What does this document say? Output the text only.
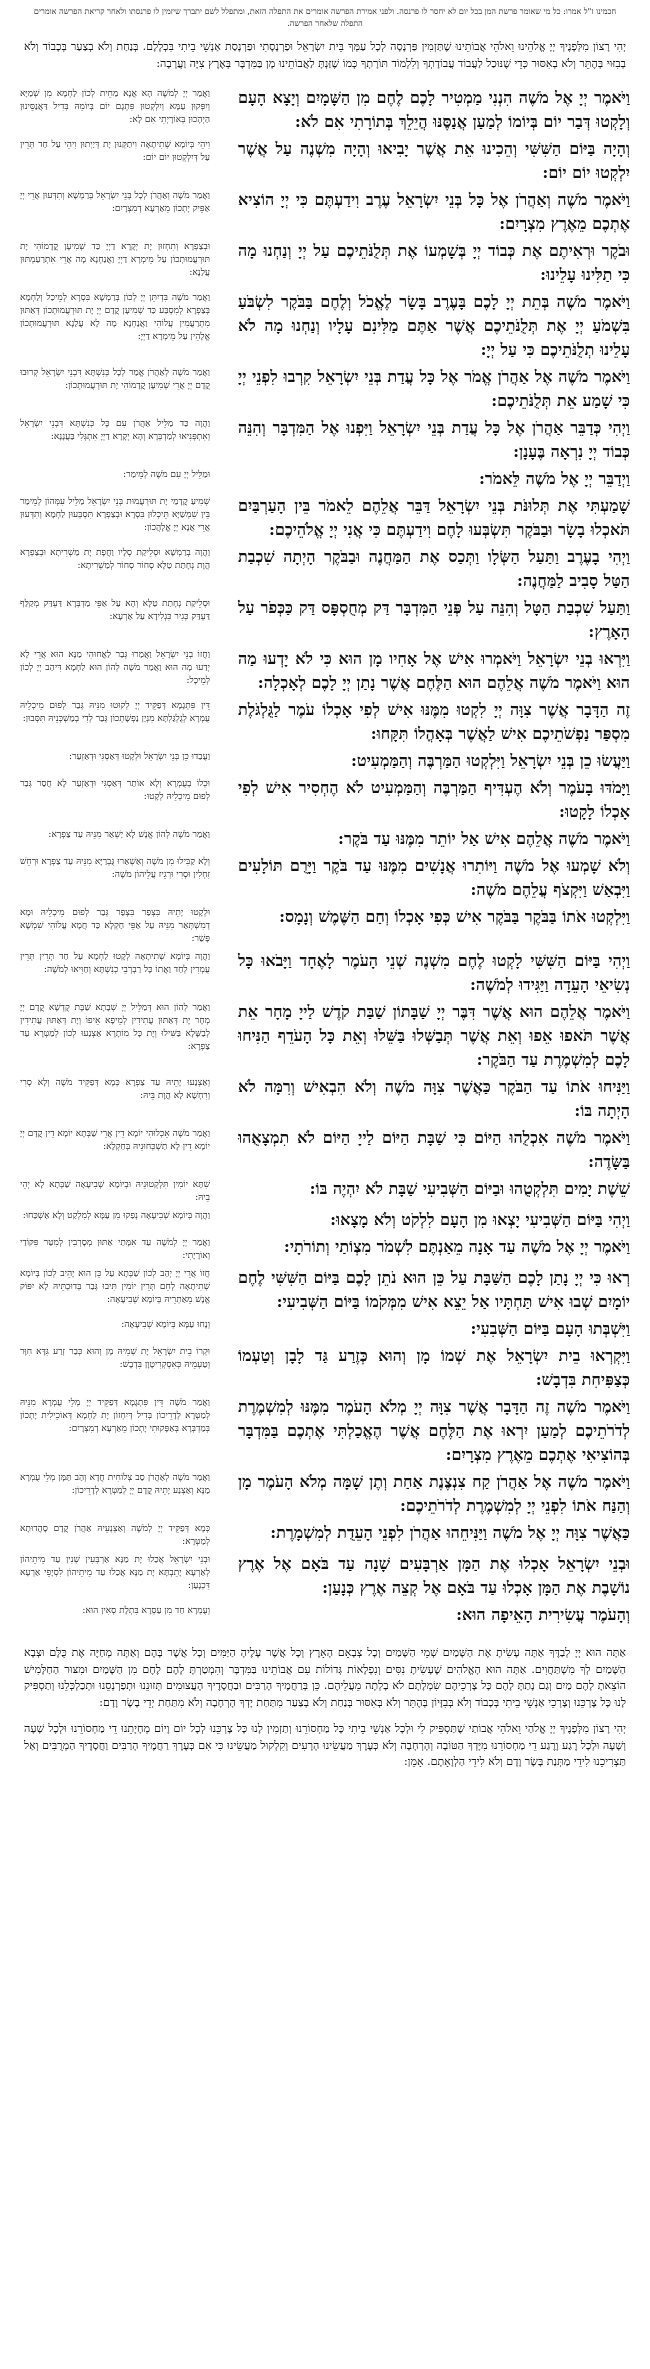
חכמינו ז"ל אמרו: כל מי שאומר פרשת המן בכל יום לא יחסר לו פרנסה. ולפני אמירת הפרשה אומרים את התפלה הזאת, ומתפלל לשם יתברך שיזמין לו פרנסתו ולאחר קריאת הפרשה אומרים התפלה שלאחר הפרשה.
יְהִי רָצוֹן מִלְּפָנֶיךָ יְיָ אֱלֹהֵינוּ וֵאלֹהֵי אֲבוֹתֵינוּ שֶׁתַּזְמִין פַּרְנָסָה לְכָל עַמְּךָ בֵּית יִשְׂרָאֵל וּפַרְנָסָתִי וּפַרְנָסַת אַנְשֵׁי בֵיתִי בִּכְלָלָם. בְּנַחַת וְלֹא בְצַעַר בְּכָבוֹד וְלֹא בְבִזּוּי בְּהֶתֵּר וְלֹא בְאִסּוּר כְּדֵי שֶׁנּוּכַל לַעֲבוֹד עֲבוֹדָתְךָ וְלִלְמוֹד תּוֹרָתְךָ כְּמוֹ שֶׁזַּנְתָּ לַאֲבוֹתֵינוּ מָן בַּמִּדְבָּר בְּאֶרֶץ צִיָּה וַעֲרָבָה:
וַיֹּאמֶר יְיָ אֶל מֹשֶׁה הִנְנִי מַמְטִיר לָכֶם לֶחֶם מִן הַשָּׁמָיִם וְיָצָא הָעָם וְלָקְטוּ דְּבַר יוֹם בְּיוֹמוֹ לְמַעַן אֲנַסֶּנּוּ הֲיֵלֵךְ בְּתוֹרָתִי אִם לֹא:
וַאֲמַר יְיָ לְמֹשֶׁה הָא אֲנָא מַחֵית לְכוֹן לַחְמָא מִן שְׁמַיָּא וְיִפְּקוּן עַמָּא וְיִלְקְטוּן פִּתְגָם יוֹם בְּיוֹמֵהּ בְּדִיל דַּאֲנַסֵּינוּן הַיְהָכוּן בְּאוֹרָיְתִי אִם לָא:
וְהָיָה בַּיּוֹם הַשִּׁשִּׁי וְהֵכִינוּ אֵת אֲשֶׁר יָבִיאוּ וְהָיָה מִשְׁנֶה עַל אֲשֶׁר יִלְקְטוּ יוֹם יוֹם:
וִיהֵי בְּיוֹמָא שְׁתִיתָאָה וִיתַקְּנוּן יָת דְּיַיְתוּן וִיהֵי עַל חַד תְּרֵין עַל דְּיִלְקְטוּן יוֹם יוֹם:
וַיֹּאמֶר מֹשֶׁה וְאַהֲרֹן אֶל כָּל בְּנֵי יִשְׂרָאֵל עֶרֶב וִידַעְתֶּם כִּי יְיָ הוֹצִיא אֶתְכֶם מֵאֶרֶץ מִצְרָיִם:
וַאֲמַר מֹשֶׁה וְאַהֲרֹן לְכָל בְּנֵי יִשְׂרָאֵל בְּרַמְשָׁא וְתִדְּעוּן אֲרֵי יְיָ אַפֵּיק יָתְכוֹן מֵאַרְעָא דְמִצְרָיִם:
וּבֹקֶר וּרְאִיתֶם אֶת כְּבוֹד יְיָ בְּשָׁמְעוֹ אֶת תְּלֻנֹּתֵיכֶם עַל יְיָ וְנַחְנוּ מָה כִּי תַלִּינוּ עָלֵינוּ:
וּבְצַפְרָא וְתִחְזוּן יָת יְקָרָא דַיְיָ כַּד שְׁמִיעָן קֳדָמוֹהִי יָת תּוּרְעֲמוּתְכוֹן עַל מֵימְרָא דַיְיָ וַאֲנַחְנָא מָה אֲרֵי אִתְרַעַמְתּוּן עֲלַנָא:
וַיֹּאמֶר מֹשֶׁה בְּתֵת יְיָ לָכֶם בָּעֶרֶב בָּשָׂר לֶאֱכֹל וְלֶחֶם בַּבֹּקֶר לִשְׂבֹּעַ בִּשְׁמֹעַ יְיָ אֶת תְּלֻנֹּתֵיכֶם אֲשֶׁר אַתֶּם מַלִּינִם עָלָיו וְנַחְנוּ מָה לֹא עָלֵינוּ תְלֻנֹּתֵיכֶם כִּי עַל יְיָ:
וַאֲמַר מֹשֶׁה בִּדְיִתֵּן יְיָ לְכוֹן בְּרַמְשָׁא בִּסְרָא לְמֵיכַל וְלַחְמָא בְּצַפְרָא לְמִסְבַּע כַּד שְׁמִיעָן קֳדָם יְיָ יָת תּוּרְעֲמוּתְכוֹן דְּאַתּוּן מִתְרַעֲמִין עֲלוֹהִי וַאֲנַחְנָא מָה לָא עֲלַנָא תּוּרְעֲמוּתְכוֹן אֱלָהֵין עַל מֵימְרָא דַיְיָ:
וַיֹּאמֶר מֹשֶׁה אֶל אַהֲרֹן אֱמֹר אֶל כָּל עֲדַת בְּנֵי יִשְׂרָאֵל קִרְבוּ לִפְנֵי יְיָ כִּי שָׁמַע אֵת תְּלֻנֹּתֵיכֶם:
וַאֲמַר מֹשֶׁה לְאַהֲרֹן אֱמַר לְכָל כְּנִשְׁתָּא דִּבְנֵי יִשְׂרָאֵל קְרוּבוּ קֳדָם יְיָ אֲרֵי שְׁמִיעָן קֳדָמוֹהִי יָת תּוּרְעֲמוּתְכוֹן:
וַיְהִי כְּדַבֵּר אַהֲרֹן אֶל כָּל עֲדַת בְּנֵי יִשְׂרָאֵל וַיִּפְנוּ אֶל הַמִּדְבָּר וְהִנֵּה כְּבוֹד יְיָ נִרְאָה בֶּעָנָן:
וַהֲוָה כַּד מַלֵּיל אַהֲרֹן עִם כָּל כְּנִשְׁתָּא דִּבְנֵי יִשְׂרָאֵל וְאִתְפְּנִיאוּ לְמַדְבְּרָא וְהָא יְקָרָא דַיְיָ אִתְגְּלִי בַּעֲנָנָא:
וַיְדַבֵּר יְיָ אֶל מֹשֶׁה לֵּאמֹר:
וּמַלֵּיל יְיָ עִם מֹשֶׁה לְמֵימַר:
שָׁמַעְתִּי אֶת תְּלוּנֹּת בְּנֵי יִשְׂרָאֵל דַּבֵּר אֲלֵהֶם לֵאמֹר בֵּין הָעַרְבַּיִם תֹּאכְלוּ בָשָׂר וּבַבֹּקֶר תִּשְׂבְּעוּ לָחֶם וִידַעְתֶּם כִּי אֲנִי יְיָ אֱלֹהֵיכֶם:
שְׁמִיעַ קֳדָמַי יָת תּוּרְעֲמוּת בְּנֵי יִשְׂרָאֵל מַלֵּיל עִמְּהוֹן לְמֵימַר בֵּין שִׁמְשַׁיָּא תֵּיכְלוּן בִּסְרָא וּבְצַפְרָא תִּסְבְּעוּן לַחְמָא וְתִדְּעוּן אֲרֵי אֲנָא יְיָ אֱלָהֲכוֹן:
וַיְהִי בָעֶרֶב וַתַּעַל הַשְּׂלָו וַתְּכַס אֶת הַמַּחֲנֶה וּבַבֹּקֶר הָיְתָה שִׁכְבַת הַטַּל סָבִיב לַמַּחֲנֶה:
וַהֲוָה בְרַמְשָׁא וּסְלֵיקַת סְלָיו וַחֲפָת יָת מַשְׁרִיתָא וּבְצַפְרָא הֲוָת נְחָתַת טַלָּא סְחוֹר סְחוֹר לְמַשְׁרִיתָא:
וַתַּעַל שִׁכְבַת הַטָּל וְהִנֵּה עַל פְּנֵי הַמִּדְבָּר דַּק מְחֻסְפָּס דַּק כַּכְּפֹר עַל הָאָרֶץ:
וּסְלֵיקַת נְחָתַת טַלָּא וְהָא עַל אַפֵּי מַדְבְּרָא דַּעְדַּק מְקַלַּף דַּעְדַּק כְּגִיר כִּגְלִידָא עַל אַרְעָא:
וַיִּרְאוּ בְנֵי יִשְׂרָאֵל וַיֹּאמְרוּ אִישׁ אֶל אָחִיו מָן הוּא כִּי לֹא יָדְעוּ מַה הוּא וַיֹּאמֶר מֹשֶׁה אֲלֵהֶם הוּא הַלֶּחֶם אֲשֶׁר נָתַן יְיָ לָכֶם לְאָכְלָה:
וַחֲזוֹ בְנֵי יִשְׂרָאֵל וַאֲמַרוּ גְּבַר לַאֲחוּהִי מַנָּא הוּא אֲרֵי לָא יְדַעוּ מָה הוּא וַאֲמַר מֹשֶׁה לְהוֹן הוּא לַחְמָא דִּיהַב יְיָ לְכוֹן לְמֵיכָל:
זֶה הַדָּבָר אֲשֶׁר צִוָּה יְיָ לִקְטוּ מִמֶּנּוּ אִישׁ לְפִי אָכְלוֹ עֹמֶר לַגֻּלְגֹּלֶת מִסְפַּר נַפְשֹׁתֵיכֶם אִישׁ לַאֲשֶׁר בְּאָהֳלוֹ תִּקָּחוּ:
דֵּין פִּתְגָמָא דְּפַקֵּיד יְיָ לְקוּטוּ מִנֵּיהּ גְּבַר לְפוּם מֵיכְלֵיהּ עֻמְרָא לְגֻלְגַּלְתָּא מִנְיַן נַפְשָׁתְכוֹן גְּבַר לְדִי בְמַשְׁכְּנֵיהּ תִּסְּבוּן:
וַיַּעֲשׂוּ כֵן בְּנֵי יִשְׂרָאֵל וַיִּלְקְטוּ הַמַּרְבֶּה וְהַמַּמְעִיט:
וַעֲבַדוּ כֵן בְּנֵי יִשְׂרָאֵל וּלְקָטוּ דְּאַסְגִּי וּדְאַזְעַר:
וַיָּמֹדּוּ בָעֹמֶר וְלֹא הֶעְדִּיף הַמַּרְבֶּה וְהַמַּמְעִיט לֹא הֶחְסִיר אִישׁ לְפִי אָכְלוֹ לָקָטוּ:
וּכְלוֹ בְעֻמְרָא וְלָא אוֹתַר דְּאַסְגִּי וּדְאַזְעַר לָא חֲסַר גְּבַר לְפוּם מֵיכְלֵיהּ לְקָטוּ:
וַיֹּאמֶר מֹשֶׁה אֲלֵהֶם אִישׁ אַל יוֹתֵר מִמֶּנּוּ עַד בֹּקֶר:
וַאֲמַר מֹשֶׁה לְהוֹן אֱנָשׁ לָא יַשְׁאַר מִנֵּיהּ עַד צַפְרָא:
וְלֹא שָׁמְעוּ אֶל מֹשֶׁה וַיּוֹתִרוּ אֲנָשִׁים מִמֶּנּוּ עַד בֹּקֶר וַיָּרֻם תּוֹלָעִים וַיִּבְאַשׁ וַיִּקְצֹף עֲלֵהֶם מֹשֶׁה:
וְלָא קַבִּילוּ מִן מֹשֶׁה וְאַשְׁאַרוּ גֻּבְרַיָּא מִנֵּיהּ עַד צַפְרָא וּרְחֵשׁ זִחְלִין וּסְרִי וּרְגֵיז עֲלֵיהוֹן מֹשֶׁה:
וַיִּלְקְטוּ אֹתוֹ בַּבֹּקֶר בַּבֹּקֶר אִישׁ כְּפִי אָכְלוֹ וְחַם הַשֶּׁמֶשׁ וְנָמָס:
וּלְקָטוּ יָתֵיהּ בִּצְפַר בִּצְפַר גְּבַר לְפוּם מֵיכְלֵיהּ וּמָא דְמִשְׁתְּאַר מִנֵּיהּ עַל אַפֵּי חַקְלָא כַּד חֲמָא עֲלוֹהִי שִׁמְשָׁא פָּשַׁר:
וַיְהִי בַּיּוֹם הַשִּׁשִּׁי לָקְטוּ לֶחֶם מִשְׁנֶה שְׁנֵי הָעֹמֶר לָאֶחָד וַיָּבֹאוּ כָּל נְשִׂיאֵי הָעֵדָה וַיַּגִּידוּ לְמֹשֶׁה:
וַהֲוָה בְּיוֹמָא שְׁתִיתָאָה לְקָטוּ לַחְמָא עַל חַד תְּרֵין תְּרֵין עֻמְרִין לְחַד וַאֲתוֹ כָּל רַבְרְבֵי כְנִשְׁתָּא וְחַוִּיאוּ לְמֹשֶׁה:
וַיֹּאמֶר אֲלֵהֶם הוּא אֲשֶׁר דִּבֶּר יְיָ שַׁבָּתוֹן שַׁבַּת קֹדֶשׁ לַייָ מָחָר אֵת אֲשֶׁר תֹּאפוּ אֵפוּ וְאֵת אֲשֶׁר תְּבַשְּׁלוּ בַּשֵּׁלוּ וְאֵת כָּל הָעֹדֵף הַנִּיחוּ לָכֶם לְמִשְׁמֶרֶת עַד הַבֹּקֶר:
וַאֲמַר לְהוֹן הוּא דְּמַלֵּיל יְיָ שְׁבָתָא שַׁבָּת קֻדְשָׁא קֳדָם יְיָ מְחָר יָת דְּאַתּוּן עֲתִידִין לְמֵיפָא אֵיפוֹ וְיָת דְּאַתּוּן עֲתִידִין לְבַשָּׁלָא בַּשִּׁילוּ וְיָת כָּל מוֹתָרָא אַצְנַעוּ לְכוֹן לְמַטְּרָא עַד צַפְרָא:
וַיַּנִּיחוּ אֹתוֹ עַד הַבֹּקֶר כַּאֲשֶׁר צִוָּה מֹשֶׁה וְלֹא הִבְאִישׁ וְרִמָּה לֹא הָיְתָה בּוֹ:
וְאַצְנַעוּ יָתֵיהּ עַד צַפְרָא כְּמָא דְּפַקֵּיד מֹשֶׁה וְלָא סְרִי וְרִחְשָׁא לָא הֲוָת בֵּיהּ:
וַיֹּאמֶר מֹשֶׁה אִכְלֻהוּ הַיּוֹם כִּי שַׁבָּת הַיּוֹם לַייָ הַיּוֹם לֹא תִמְצָאֻהוּ בַּשָּׂדֶה:
וַאֲמַר מֹשֶׁה אֵכְלוּהִי יוֹמָא דֵין אֲרֵי שַׁבְּתָא יוֹמָא דֵין קֳדָם יְיָ יוֹמָא דֵין לָא תַשְׁכְּחוּנֵיהּ בְּחַקְלָא:
שֵׁשֶׁת יָמִים תִּלְקְטֻהוּ וּבַיּוֹם הַשְּׁבִיעִי שַׁבָּת לֹא יִהְיֶה בּוֹ:
שִׁתָּא יוֹמִין תִּלְקְטוּנֵיהּ וּבְיוֹמָא שְׁבִיעָאָה שַׁבְּתָא לָא יְהֵי בֵיהּ:
וַיְהִי בַּיּוֹם הַשְּׁבִיעִי יָצְאוּ מִן הָעָם לִלְקֹט וְלֹא מָצָאוּ:
וַהֲוָה בְּיוֹמָא שְׁבִיעָאָה נְפַקוּ מִן עַמָּא לְמִלְקַט וְלָא אַשְׁכַּחוּ:
וַיֹּאמֶר יְיָ אֶל מֹשֶׁה עַד אָנָה מֵאַנְתֶּם לִשְׁמֹר מִצְוֹתַי וְתוֹרֹתָי:
וַאֲמַר יְיָ לְמֹשֶׁה עַד אִמָּתַי אַתּוּן מְסָרְבִין לְמִטַּר פִּקּוֹדַי וְאוֹרָיָתִי:
רְאוּ כִּי יְיָ נָתַן לָכֶם הַשַּׁבָּת עַל כֵּן הוּא נֹתֵן לָכֶם בַּיּוֹם הַשִּׁשִּׁי לֶחֶם יוֹמָיִם שְׁבוּ אִישׁ תַּחְתָּיו אַל יֵצֵא אִישׁ מִמְּקֹמוֹ בַּיּוֹם הַשְּׁבִיעִי:
חֲזוֹ אֲרֵי יְיָ יְהַב לְכוֹן שַׁבְּתָא עַל כֵּן הוּא יָהֵיב לְכוֹן בְּיוֹמָא שְׁתִיתָאָה לְחֵם תְּרֵין יוֹמִין תִּיבוּ גְּבַר בְּדוּכְתֵּיהּ לָא יִפּוֹק אֱנָשׁ מֵאַתְרֵיהּ בְּיוֹמָא שְׁבִיעָאָה:
וַיִּשְׁבְּתוּ הָעָם בַּיּוֹם הַשְּׁבִעִי:
וְנָחוּ עַמָּא בְּיוֹמָא שְׁבִיעָאָה:
וַיִּקְרְאוּ בֵית יִשְׂרָאֵל אֶת שְׁמוֹ מָן וְהוּא כְּזֶרַע גַּד לָבָן וְטַעְמוֹ כְּצַפִּיחִת בִּדְבָשׁ:
וּקְרוֹ בֵית יִשְׂרָאֵל יָת שְׁמֵיהּ מָן וְהוּא כְּבַר זְרַע גִּדָּא חִוָּר וְטַעְמֵיהּ כְּאִסְקְרִיטָוָן בִּדְבָשׁ:
וַיֹּאמֶר מֹשֶׁה זֶה הַדָּבָר אֲשֶׁר צִוָּה יְיָ מְלֹא הָעֹמֶר מִמֶּנּוּ לְמִשְׁמֶרֶת לְדֹרֹתֵיכֶם לְמַעַן יִרְאוּ אֶת הַלֶּחֶם אֲשֶׁר הֶאֱכַלְתִּי אֶתְכֶם בַּמִּדְבָּר בְּהוֹצִיאִי אֶתְכֶם מֵאֶרֶץ מִצְרָיִם:
וַאֲמַר מֹשֶׁה דֵּין פִּתְגָמָא דְּפַקֵּיד יְיָ מְלֵי עֻמְרָא מִנֵּיהּ לְמַטְּרָא לְדָרֵיכוֹן בְּדִיל דְּיִחְזוֹן יָת לַחְמָא דְּאוֹכֵילִית יָתְכוֹן בְּמַדְבְּרָא בְּאַפָּקוּתִי יָתְכוֹן מֵאַרְעָא דְמִצְרָיִם:
וַיֹּאמֶר מֹשֶׁה אֶל אַהֲרֹן קַח צִנְצֶנֶת אַחַת וְתֶן שָׁמָּה מְלֹא הָעֹמֶר מָן וְהַנַּח אֹתוֹ לִפְנֵי יְיָ לְמִשְׁמֶרֶת לְדֹרֹתֵיכֶם:
וַאֲמַר מֹשֶׁה לְאַהֲרֹן סַב צְלוֹחִית חֲדָא וְהַב תַּמָּן מְלֵי עֻמְרָא מַנָּא וְאַצְנַע יָתֵיהּ קֳדָם יְיָ לְמַטְּרָא לְדָרֵיכוֹן:
כַּאֲשֶׁר צִוָּה יְיָ אֶל מֹשֶׁה וַיַּנִּיחֵהוּ אַהֲרֹן לִפְנֵי הָעֵדֻת לְמִשְׁמָרֶת:
כְּמָא דְּפַקֵּיד יְיָ לְמֹשֶׁה וְאַצְנְעֵיהּ אַהֲרֹן קֳדָם סָהֲדוּתָא לְמַטְּרָא:
וּבְנֵי יִשְׂרָאֵל אָכְלוּ אֶת הַמָּן אַרְבָּעִים שָׁנָה עַד בֹּאָם אֶל אֶרֶץ נוֹשָׁבֶת אֶת הַמָּן אָכְלוּ עַד בֹּאָם אֶל קְצֵה אֶרֶץ כְּנָעַן:
וּבְנֵי יִשְׂרָאֵל אֲכַלוּ יָת מַנָּא אַרְבְּעִין שְׁנִין עַד מֵיתֵיהוֹן לְאַרְעָא יָתֵבְתָּא יָת מַנָּא אֲכַלוּ עַד מֵיתֵיהוֹן לִסְיָפֵי אַרְעָא דִּכְנָעַן:
וְהָעֹמֶר עֲשִׂירִית הָאֵיפָה הוּא:
וְעֻמְרָא חַד מִן עַסְרָא בִּתְלָת סְאִין הוּא:
אַתָּה הוּא יְיָ לְבַדֶּךָ אַתָּה עָשִׂיתָ אֶת הַשָּׁמַיִם שְׁמֵי הַשָּׁמַיִם וְכָל צְבָאָם הָאָרֶץ וְכָל אֲשֶׁר עָלֶיהָ הַיַּמִּים וְכָל אֲשֶׁר בָּהֶם וְאַתָּה מְחַיֶּה אֶת כֻּלָּם וּצְבָא הַשָּׁמַיִם לְךָ מִשְׁתַּחֲוִים. אַתָּה הוּא הָאֱלֹהִים שֶׁעָשִׂיתָ נִסִּים וְנִפְלָאוֹת גְּדוֹלוֹת עִם אֲבוֹתֵינוּ בַּמִּדְבָּר וְהִמְטַרְתָּ לָהֶם לֶחֶם מִן הַשָּׁמַיִם וּמִצּוּר הַחַלָּמִישׁ הוֹצֵאתָ לָהֶם מַיִם וְגַם נָתַתָּ לָהֶם כָּל צָרְכֵיהֶם שִׂמְלָתָם לֹא בָלְתָה מֵעֲלֵיהֶם. כֵּן בְּרַחֲמֶיךָ הָרַבִּים וּבַחֲסָדֶיךָ הָעֲצוּמִים תְּזוּנֵנוּ וּתְפַרְנְסֵנוּ וּתְכַלְכְּלֵנוּ וְתַסְפִּיק לָנוּ כָּל צָרְכֵּנוּ וְצָרְכֵי אַנְשֵׁי בֵיתִי בְּכָבוֹד וְלֹא בְּבִזָּיוֹן בְּהֶתֵּר וְלֹא בְּאִסּוּר בְּנַחַת וְלֹא בְצַעַר מִתַּחַת יָדְךָ הָרְחָבָה וְלֹא מִתַּחַת יְדֵי בָשָׂר וָדָם:
יְהִי רָצוֹן מִלְּפָנֶיךָ יְיָ אֱלֹהַי וֵאלֹהֵי אֲבוֹתַי שֶׁתַּסְפִּיק לִי וּלְכָל אַנְשֵׁי בֵיתִי כָּל מַחְסוֹרֵנוּ וְתַזְמִין לָנוּ כָּל צָרְכֵּנוּ לְכָל יוֹם וָיוֹם מְחָיָתֵנוּ דֵי מַחְסוֹרֵנוּ וּלְכָל שָׁעָה וְשָׁעָה וּלְכָל רֶגַע וָרֶגַע דֵי מַחְסוֹרֵנוּ מִיָּדְךָ הַטּוֹבָה וְהָרְחָבָה וְלֹא כְּעֶרֶךְ מַעֲשֵׂינוּ הָרָעִים וְקִלְקוּל מַעֲשֵׂינוּ כִּי אִם כְּעֶרֶךְ רַחֲמֶיךָ הָרַבִּים וַחֲסָדֶיךָ הַמְרֻבִּים וְאַל תַּצְרִיכֵנוּ לִידֵי מַתְּנַת בָּשָׂר וָדָם וְלֹא לִידֵי הַלְוָאָתָם. אָמֵן:
